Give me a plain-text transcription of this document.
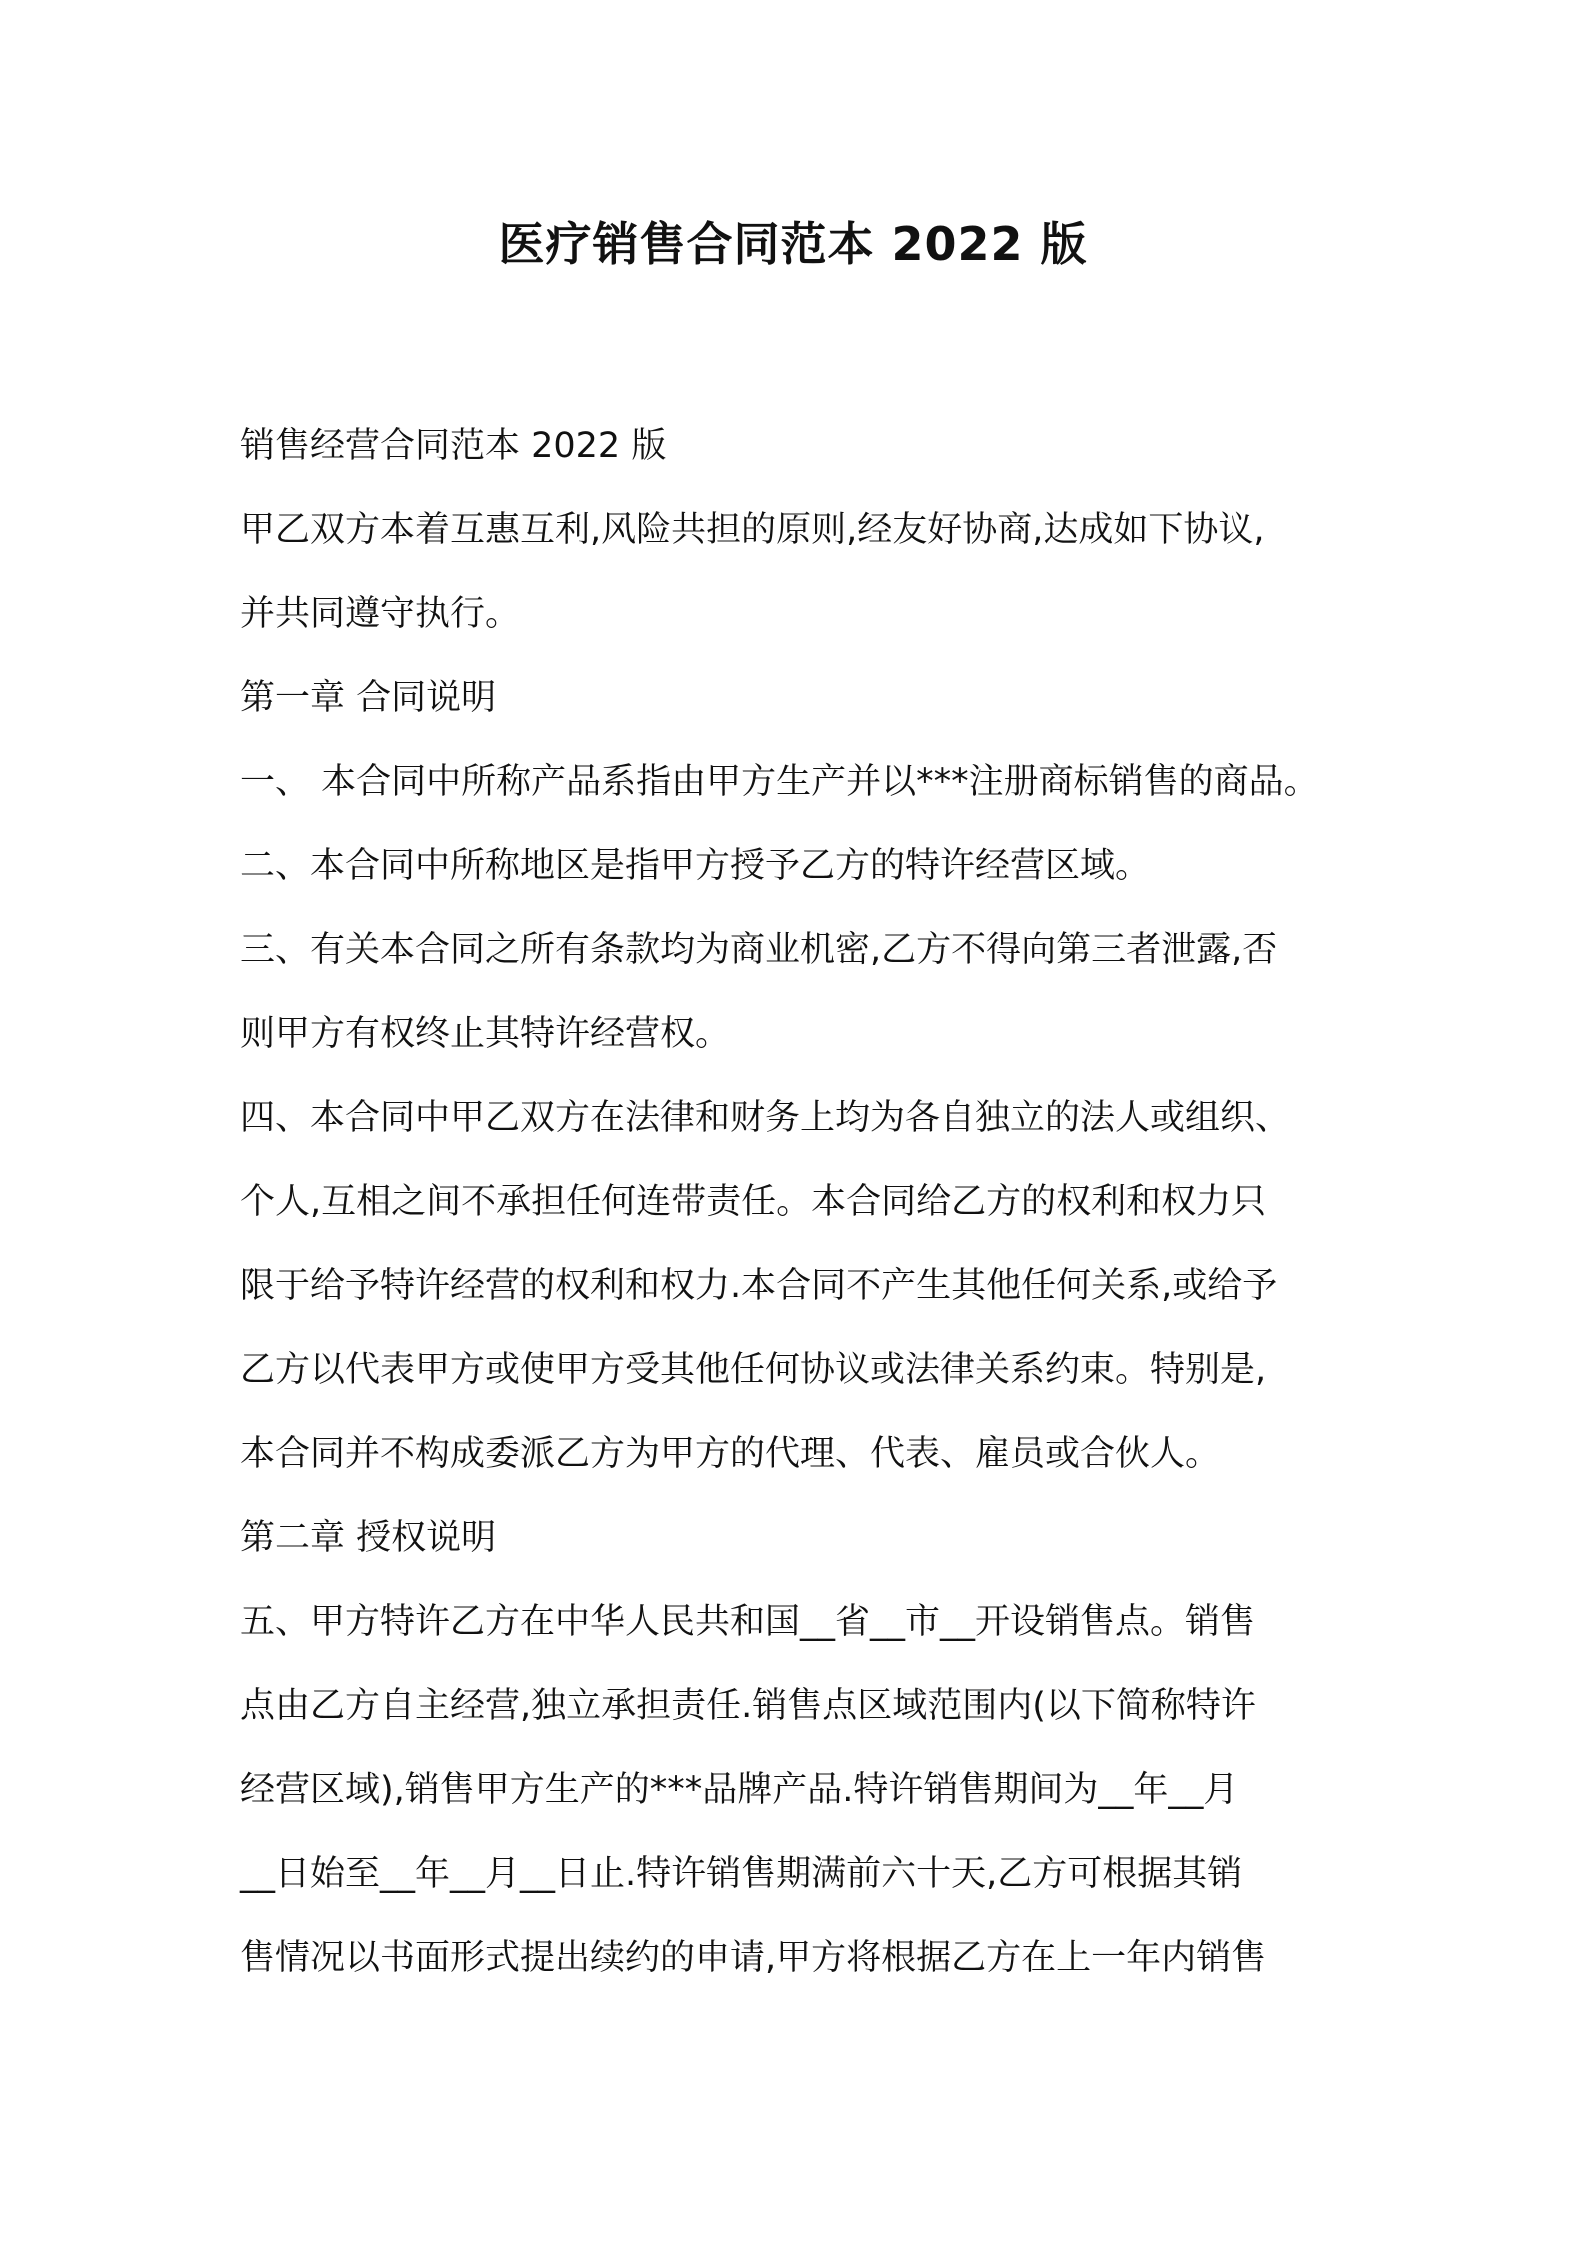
医疗销售合同范本 2022 版
销售经营合同范本 2022 版
甲乙双方本着互惠互利,风险共担的原则,经友好协商,达成如下协议,
并共同遵守执行。
第一章 合同说明
一、 本合同中所称产品系指由甲方生产并以***注册商标销售的商品。
二、本合同中所称地区是指甲方授予乙方的特许经营区域。
三、有关本合同之所有条款均为商业机密,乙方不得向第三者泄露,否
则甲方有权终止其特许经营权。
四、本合同中甲乙双方在法律和财务上均为各自独立的法人或组织、
个人,互相之间不承担任何连带责任。本合同给乙方的权利和权力只
限于给予特许经营的权利和权力.本合同不产生其他任何关系,或给予
乙方以代表甲方或使甲方受其他任何协议或法律关系约束。特别是,
本合同并不构成委派乙方为甲方的代理、代表、雇员或合伙人。
第二章 授权说明
五、甲方特许乙方在中华人民共和国__省__市__开设销售点。销售
点由乙方自主经营,独立承担责任.销售点区域范围内(以下简称特许
经营区域),销售甲方生产的***品牌产品.特许销售期间为__年__月
__日始至__年__月__日止.特许销售期满前六十天,乙方可根据其销
售情况以书面形式提出续约的申请,甲方将根据乙方在上一年内销售
